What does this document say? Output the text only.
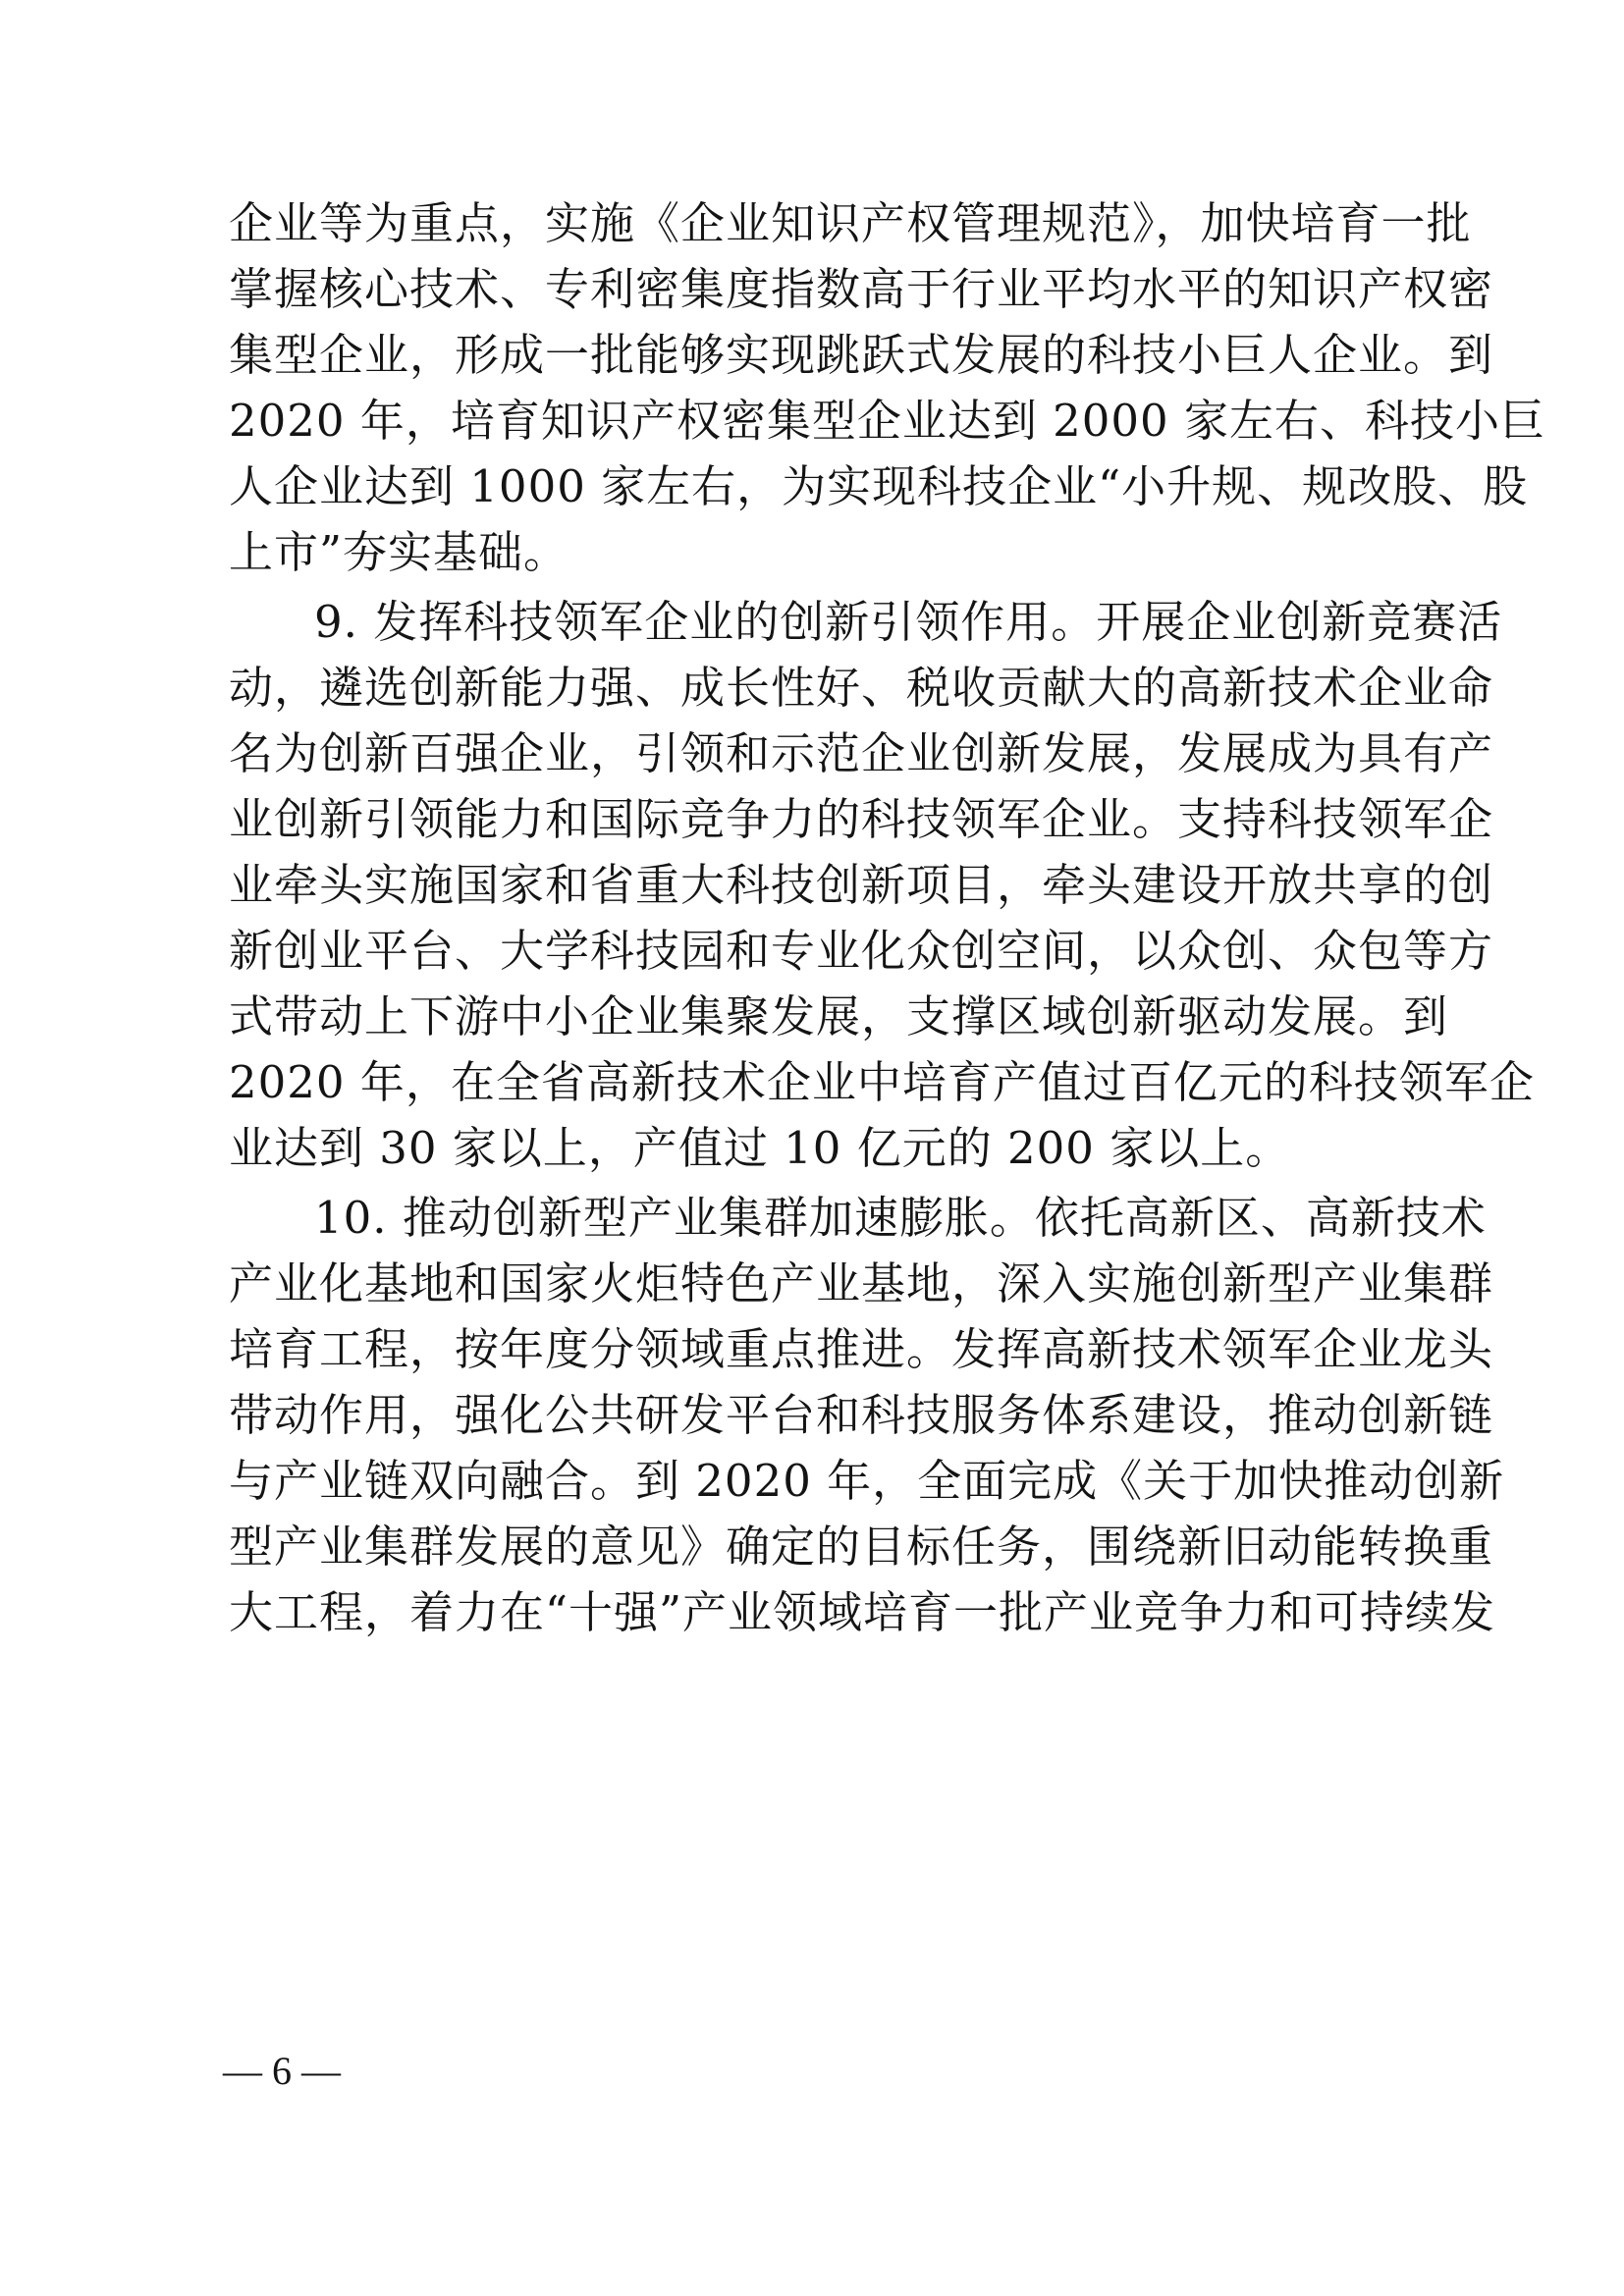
企业等为重点，实施《企业知识产权管理规范》，加快培育一批
掌握核心技术、专利密集度指数高于行业平均水平的知识产权密
集型企业，形成一批能够实现跳跃式发展的科技小巨人企业。到
2020 年，培育知识产权密集型企业达到 2000 家左右、科技小巨
人企业达到 1000 家左右，为实现科技企业“小升规、规改股、股
上市”夯实基础。
9. 发挥科技领军企业的创新引领作用。开展企业创新竞赛活
动，遴选创新能力强、成长性好、税收贡献大的高新技术企业命
名为创新百强企业，引领和示范企业创新发展，发展成为具有产
业创新引领能力和国际竞争力的科技领军企业。支持科技领军企
业牵头实施国家和省重大科技创新项目，牵头建设开放共享的创
新创业平台、大学科技园和专业化众创空间，以众创、众包等方
式带动上下游中小企业集聚发展，支撑区域创新驱动发展。到
2020 年，在全省高新技术企业中培育产值过百亿元的科技领军企
业达到 30 家以上，产值过 10 亿元的 200 家以上。
10. 推动创新型产业集群加速膨胀。依托高新区、高新技术
产业化基地和国家火炬特色产业基地，深入实施创新型产业集群
培育工程，按年度分领域重点推进。发挥高新技术领军企业龙头
带动作用，强化公共研发平台和科技服务体系建设，推动创新链
与产业链双向融合。到 2020 年，全面完成《关于加快推动创新
型产业集群发展的意见》确定的目标任务，围绕新旧动能转换重
大工程，着力在“十强”产业领域培育一批产业竞争力和可持续发
— 6 —
